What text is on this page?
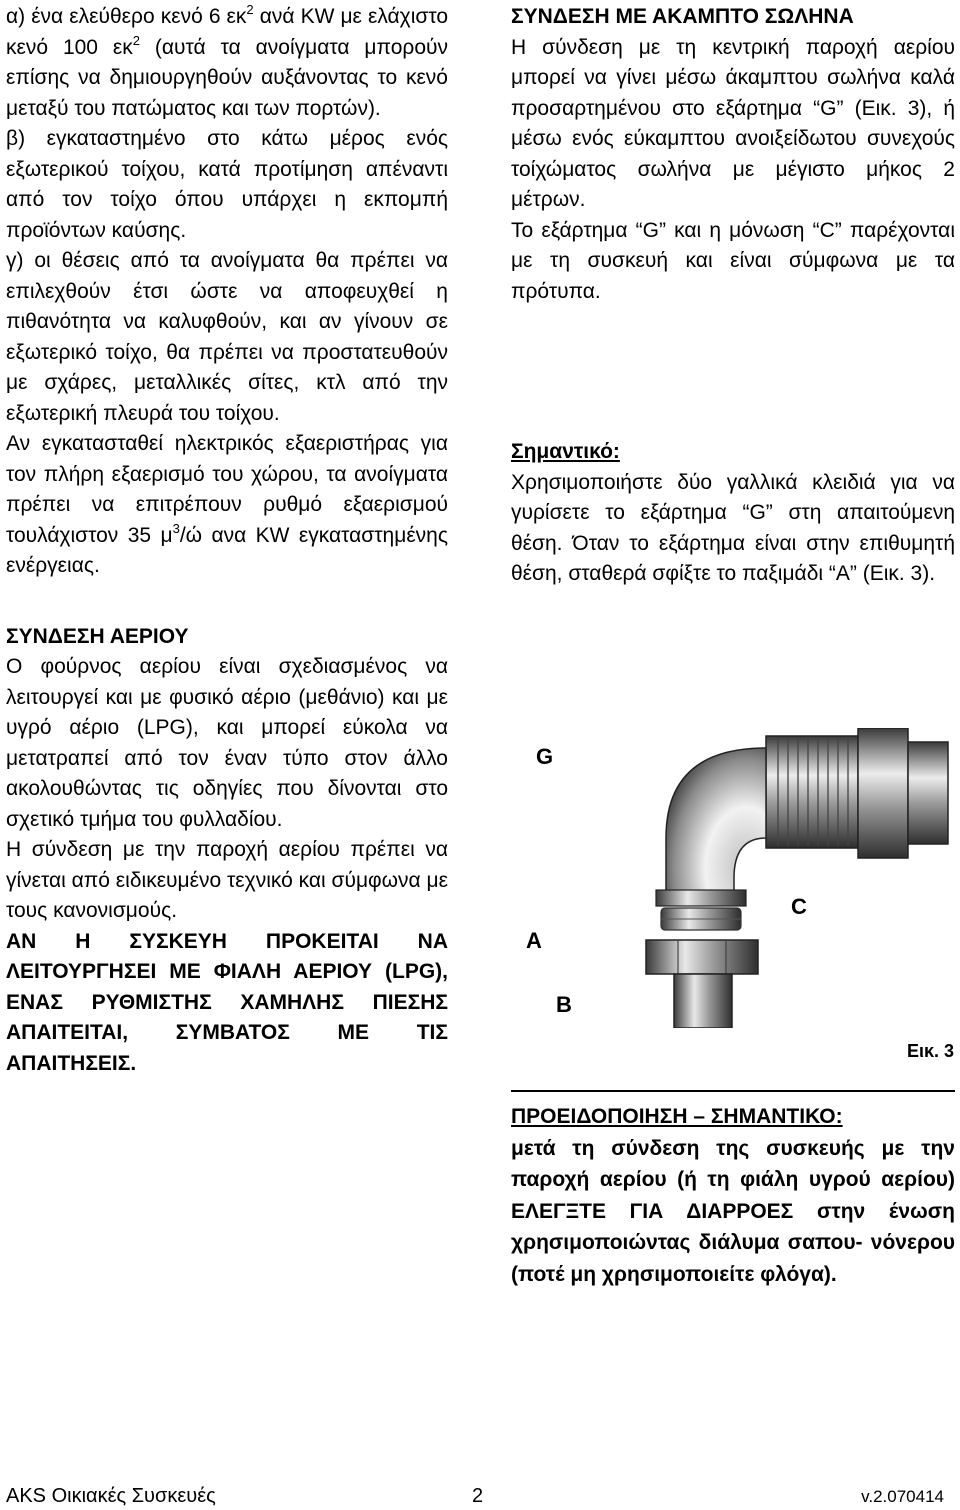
α) ένα ελεύθερο κενό 6 $\varepsilon\kappa^2$ ανά KW με ελάχιστο κενό 100 $\varepsilon\kappa^2$ (αυτά τα ανοίγματα μπορούν επίσης να δημιουργηθούν αυξάνοντας το κενό μεταξύ του πατώματος και των πορτών).

β) εγκαταστημένο στο κάτω μέρος ενός εξωτερικού τοίχου, κατά προτίμηση απέναντι από τον τοίχο όπου υπάρχει η εκπομπή προϊόντων καύσης.

γ) οι θέσεις από τα ανοίγματα θα πρέπει να επιλεχθούν έτσι ώστε να αποφευχθεί η πιθανότητα να καλυφθούν, και αν γίνουν σε εξωτερικό τοίχο, θα πρέπει να προστατευθούν με σχάρες, μεταλλικές σίτες, κτλ από την εξωτερική πλευρά του τοίχου.

Αν εγκατασταθεί ηλεκτρικός εξαεριστήρας για τον πλήρη εξαερισμό του χώρου, τα ανοίγματα πρέπει να επιτρέπουν ρυθμό εξαερισμού τουλάχιστον 35 $\mu^3/ώ$ ανα KW εγκαταστημένης ενέργειας.

ΣΥΝΔΕΣΗ ΑΕΡΙΟΥ

Ο φούρνος αερίου είναι σχεδιασμένος να λειτουργεί και με φυσικό αέριο (μεθάνιο) και με υγρό αέριο (LPG), και μπορεί εύκολα να μετατραπεί από τον έναν τύπο στον άλλο ακολουθώντας τις οδηγίες που δίνονται στο σχετικό τμήμα του φυλλαδίου.

Η σύνδεση με την παροχή αερίου πρέπει να γίνεται από ειδικευμένο τεχνικό και σύμφωνα με τους κανονισμούς.

ΑΝ Η ΣΥΣΚΕΥΗ ΠΡΟΚΕΙΤΑΙ ΝΑ ΛΕΙΤΟΥΡΓΗΣΕΙ ΜΕ ΦΙΑΛΗ ΑΕΡΙΟΥ (LPG), ΕΝΑΣ ΡΥΘΜΙΣΤΗΣ ΧΑΜΗΛΗΣ ΠΙΕΣΗΣ ΑΠΑΙΤΕΙΤΑΙ, ΣΥΜΒΑΤΟΣ ΜΕ ΤΙΣ ΑΠΑΙΤΗΣΕΙΣ.

ΣΥΝΔΕΣΗ ΜΕ ΑΚΑΜΠΤΟ ΣΩΛΗΝΑ

Η σύνδεση με τη κεντρική παροχή αερίου μπορεί να γίνει μέσω άκαμπτου σωλήνα καλά προσαρτημένου στο εξάρτημα “G” (Εικ. 3), ή μέσω ενός εύκαμπτου ανοιξείδωτου συνεχούς τοίχώματος σωλήνα με μέγιστο μήκος 2 μέτρων.

Το εξάρτημα “G” και η μόνωση “C” παρέχονται με τη συσκευή και είναι σύμφωνα με τα πρότυπα.

Σημαντικό:

Χρησιμοποιήστε δύο γαλλικά κλειδιά για να γυρίσετε το εξάρτημα “G” στη απαιτούμενη θέση. Όταν το εξάρτημα είναι στην επιθυμητή θέση, σταθερά σφίξτε το παξιμάδι “A” (Εικ. 3).

G
C
A
B
Εικ. 3

ΠΡΟΕΙΔΟΠΟΙΗΣΗ – ΣΗΜΑΝΤΙΚΟ:

μετά τη σύνδεση της συσκευής με την παροχή αερίου (ή τη φιάλη υγρού αερίου) ΕΛΕΓΞΤΕ ΓΙΑ ΔΙΑΡΡΟΕΣ στην ένωση χρησιμοποιώντας διάλυμα σαπου- νόνερου (ποτέ μη χρησιμοποιείτε φλόγα).

AKS Οικιακές Συσκευές	2	v.2.070414
